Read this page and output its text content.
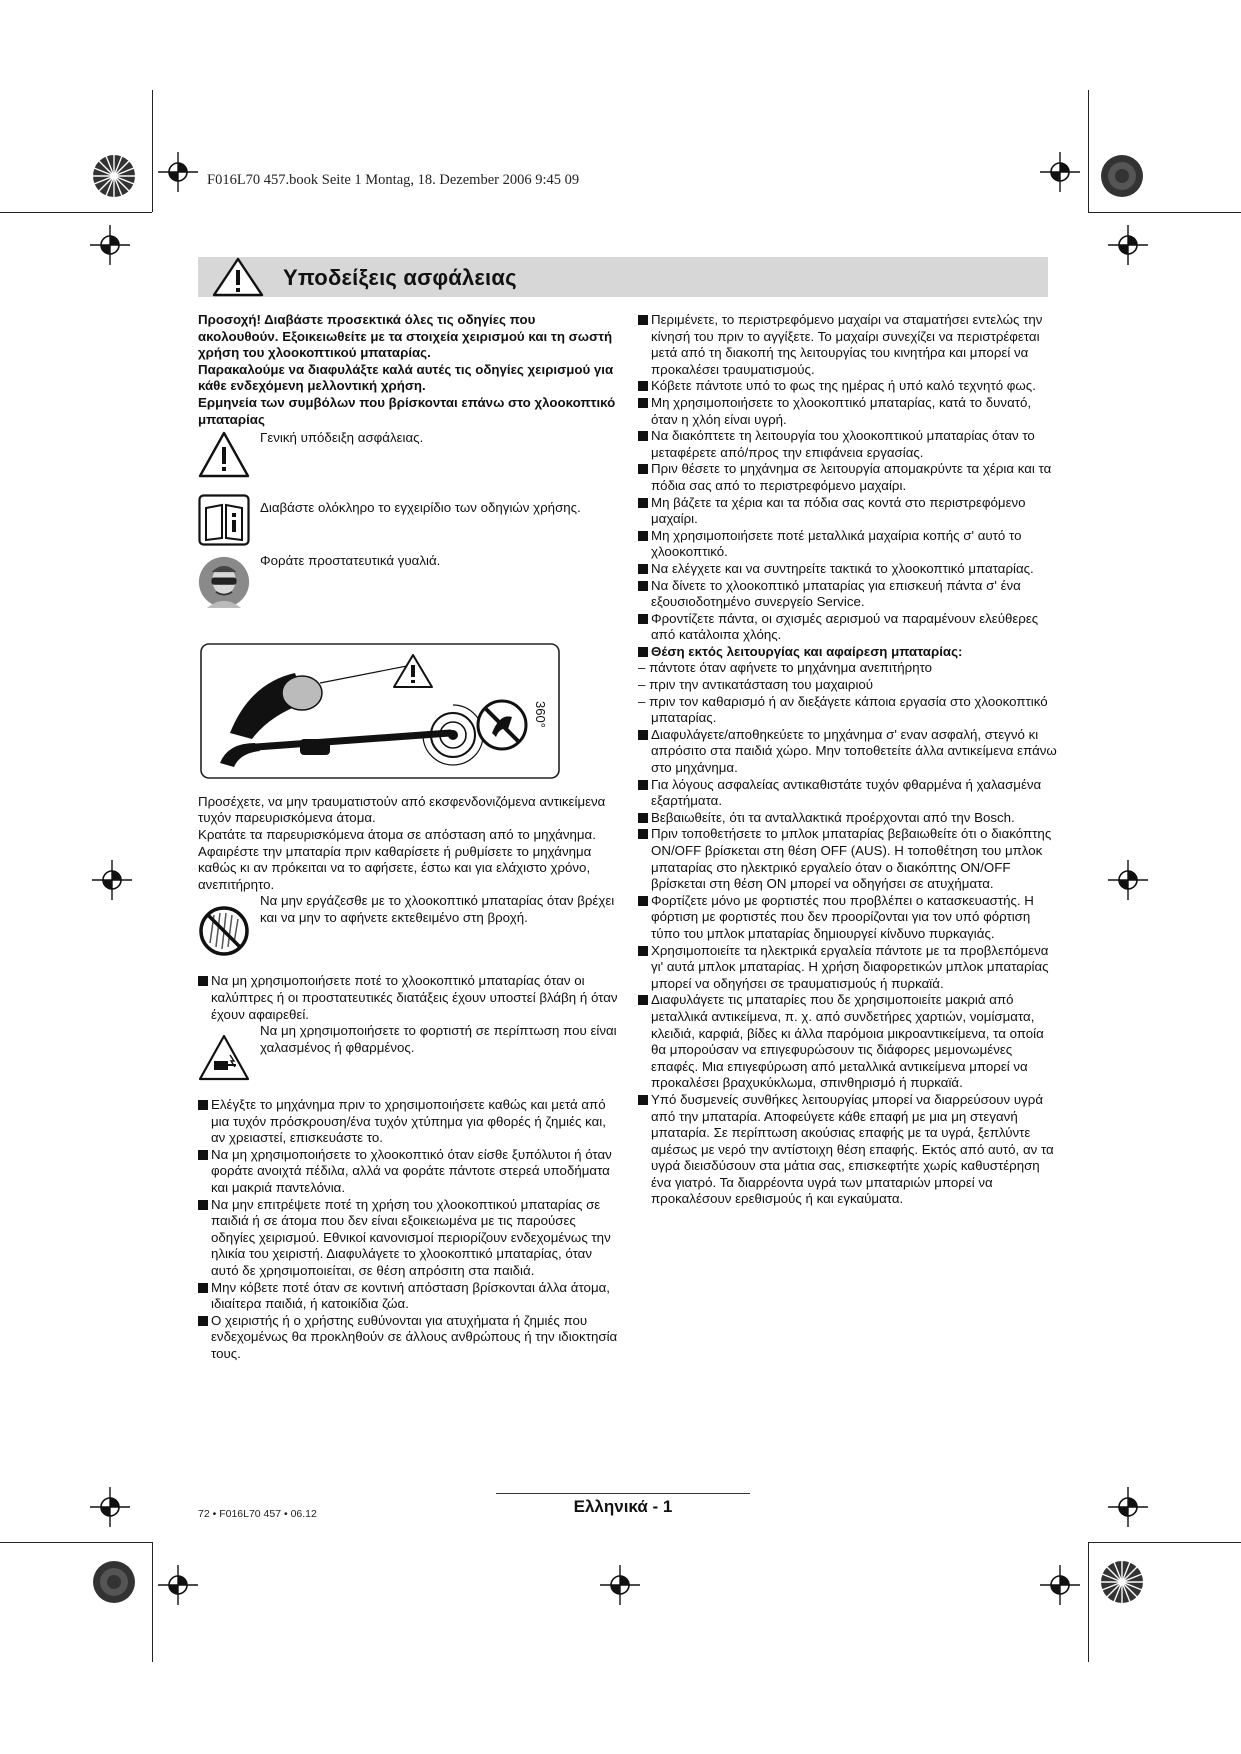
F016L70 457.book Seite 1 Montag, 18. Dezember 2006 9:45 09
Υποδείξεις ασφάλειας

Προσοχή! Διαβάστε προσεκτικά όλες τις οδηγίες που ακολουθούν. Εξοικειωθείτε με τα στοιχεία χειρισμού και τη σωστή χρήση του χλοοκοπτικού μπαταρίας.

Παρακαλούμε να διαφυλάξτε καλά αυτές τις οδηγίες χειρισμού για κάθε ενδεχόμενη μελλοντική χρήση.

Ερμηνεία των συμβόλων που βρίσκονται επάνω στο χλοοκοπτικό μπαταρίας

Γενική υπόδειξη ασφάλειας.
Διαβάστε ολόκληρο το εγχειρίδιο των οδηγιών χρήσης.
Φοράτε προστατευτικά γυαλιά.
360°

Προσέχετε, να μην τραυματιστούν από εκσφενδονιζόμενα αντικείμενα τυχόν παρευρισκόμενα άτομα.

Κρατάτε τα παρευρισκόμενα άτομα σε απόσταση από το μηχάνημα.

Αφαιρέστε την μπαταρία πριν καθαρίσετε ή ρυθμίσετε το μηχάνημα καθώς κι αν πρόκειται να το αφήσετε, έστω και για ελάχιστο χρόνο, ανεπιτήρητο.

Να μην εργάζεσθε με το χλοοκοπτικό μπαταρίας όταν βρέχει και να μην το αφήνετε εκτεθειμένο στη βροχή.

Να μη χρησιμοποιήσετε ποτέ το χλοοκοπτικό μπαταρίας όταν οι καλύπτρες ή οι προστατευτικές διατάξεις έχουν υποστεί βλάβη ή όταν έχουν αφαιρεθεί.

Να μη χρησιμοποιήσετε το φορτιστή σε περίπτωση που είναι χαλασμένος ή φθαρμένος.

Ελέγξτε το μηχάνημα πριν το χρησιμοποιήσετε καθώς και μετά από μια τυχόν πρόσκρουση/ένα τυχόν χτύπημα για φθορές ή ζημιές και, αν χρειαστεί, επισκευάστε το.

Να μη χρησιμοποιήσετε το χλοοκοπτικό όταν είσθε ξυπόλυτοι ή όταν φοράτε ανοιχτά πέδιλα, αλλά να φοράτε πάντοτε στερεά υποδήματα και μακριά παντελόνια.

Να μην επιτρέψετε ποτέ τη χρήση του χλοοκοπτικού μπαταρίας σε παιδιά ή σε άτομα που δεν είναι εξοικειωμένα με τις παρούσες οδηγίες χειρισμού. Εθνικοί κανονισμοί περιορίζουν ενδεχομένως την ηλικία του χειριστή. Διαφυλάγετε το χλοοκοπτικό μπαταρίας, όταν αυτό δε χρησιμοποιείται, σε θέση απρόσιτη στα παιδιά.

Μην κόβετε ποτέ όταν σε κοντινή απόσταση βρίσκονται άλλα άτομα, ιδιαίτερα παιδιά, ή κατοικίδια ζώα.

Ο χειριστής ή ο χρήστης ευθύνονται για ατυχήματα ή ζημιές που ενδεχομένως θα προκληθούν σε άλλους ανθρώπους ή την ιδιοκτησία τους.

Περιμένετε, το περιστρεφόμενο μαχαίρι να σταματήσει εντελώς την κίνησή του πριν το αγγίξετε. Το μαχαίρι συνεχίζει να περιστρέφεται μετά από τη διακοπή της λειτουργίας του κινητήρα και μπορεί να προκαλέσει τραυματισμούς.

Κόβετε πάντοτε υπό το φως της ημέρας ή υπό καλό τεχνητό φως.

Μη χρησιμοποιήσετε το χλοοκοπτικό μπαταρίας, κατά το δυνατό, όταν η χλόη είναι υγρή.

Να διακόπτετε τη λειτουργία του χλοοκοπτικού μπαταρίας όταν το μεταφέρετε από/προς την επιφάνεια εργασίας.

Πριν θέσετε το μηχάνημα σε λειτουργία απομακρύντε τα χέρια και τα πόδια σας από το περιστρεφόμενο μαχαίρι.

Μη βάζετε τα χέρια και τα πόδια σας κοντά στο περιστρεφόμενο μαχαίρι.

Μη χρησιμοποιήσετε ποτέ μεταλλικά μαχαίρια κοπής σ' αυτό το χλοοκοπτικό.

Να ελέγχετε και να συντηρείτε τακτικά το χλοοκοπτικό μπαταρίας.

Να δίνετε το χλοοκοπτικό μπαταρίας για επισκευή πάντα σ' ένα εξουσιοδοτημένο συνεργείο Service.

Φροντίζετε πάντα, οι σχισμές αερισμού να παραμένουν ελεύθερες από κατάλοιπα χλόης.

Θέση εκτός λειτουργίας και αφαίρεση μπαταρίας:

– πάντοτε όταν αφήνετε το μηχάνημα ανεπιτήρητο

– πριν την αντικατάσταση του μαχαιριού

– πριν τον καθαρισμό ή αν διεξάγετε κάποια εργασία στο χλοοκοπτικό μπαταρίας.

Διαφυλάγετε/αποθηκεύετε το μηχάνημα σ' εναν ασφαλή, στεγνό κι απρόσιτο στα παιδιά χώρο. Μην τοποθετείτε άλλα αντικείμενα επάνω στο μηχάνημα.

Για λόγους ασφαλείας αντικαθιστάτε τυχόν φθαρμένα ή χαλασμένα εξαρτήματα.

Βεβαιωθείτε, ότι τα ανταλλακτικά προέρχονται από την Bosch.

Πριν τοποθετήσετε το μπλοκ μπαταρίας βεβαιωθείτε ότι ο διακόπτης ON/OFF βρίσκεται στη θέση OFF (AUS). Η τοποθέτηση του μπλοκ μπαταρίας στο ηλεκτρικό εργαλείο όταν ο διακόπτης ON/OFF βρίσκεται στη θέση ON μπορεί να οδηγήσει σε ατυχήματα.

Φορτίζετε μόνο με φορτιστές που προβλέπει ο κατασκευαστής. Η φόρτιση με φορτιστές που δεν προορίζονται για τον υπό φόρτιση τύπο του μπλοκ μπαταρίας δημιουργεί κίνδυνο πυρκαγιάς.

Χρησιμοποιείτε τα ηλεκτρικά εργαλεία πάντοτε με τα προβλεπόμενα γι' αυτά μπλοκ μπαταρίας. Η χρήση διαφορετικών μπλοκ μπαταρίας μπορεί να οδηγήσει σε τραυματισμούς ή πυρκαϊά.

Διαφυλάγετε τις μπαταρίες που δε χρησιμοποιείτε μακριά από μεταλλικά αντικείμενα, π. χ. από συνδετήρες χαρτιών, νομίσματα, κλειδιά, καρφιά, βίδες κι άλλα παρόμοια μικροαντικείμενα, τα οποία θα μπορούσαν να επιγεφυρώσουν τις διάφορες μεμονωμένες επαφές. Μια επιγεφύρωση από μεταλλικά αντικείμενα μπορεί να προκαλέσει βραχυκύκλωμα, σπινθηρισμό ή πυρκαϊά.

Υπό δυσμενείς συνθήκες λειτουργίας μπορεί να διαρρεύσουν υγρά από την μπαταρία. Αποφεύγετε κάθε επαφή με μια μη στεγανή μπαταρία. Σε περίπτωση ακούσιας επαφής με τα υγρά, ξεπλύντε αμέσως με νερό την αντίστοιχη θέση επαφής. Εκτός από αυτό, αν τα υγρά διεισδύσουν στα μάτια σας, επισκεφτήτε χωρίς καθυστέρηση ένα γιατρό. Τα διαρρέοντα υγρά των μπαταριών μπορεί να προκαλέσουν ερεθισμούς ή και εγκαύματα.

72 • F016L70 457 • 06.12	Ελληνικά - 1
